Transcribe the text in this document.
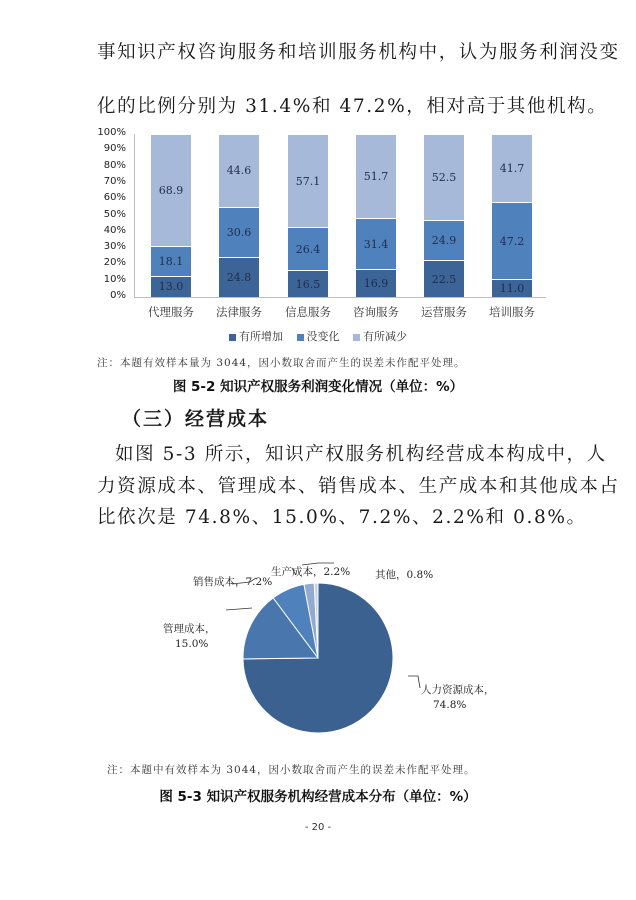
事知识产权咨询服务和培训服务机构中，认为服务利润没变
化的比例分别为 31.4%和 47.2%，相对高于其他机构。
100%
90%
80%
70%
60%
50%
40%
30%
20%
10%
0%
13.0
18.1
68.9
24.8
30.6
44.6
16.5
26.4
57.1
16.9
31.4
51.7
22.5
24.9
52.5
11.0
47.2
41.7
代理服务	法律服务	信息服务	咨询服务	运营服务	培训服务
有所增加 没变化 有所减少
注：本题有效样本量为 3044，因小数取舍而产生的误差未作配平处理。
图 5-2 知识产权服务利润变化情况（单位：%）
（三）经营成本
如图 5-3 所示，知识产权服务机构经营成本构成中，人
力资源成本、管理成本、销售成本、生产成本和其他成本占
比依次是 74.8%、15.0%、7.2%、2.2%和 0.8%。
销售成本，7.2%
生产成本，2.2% 其他，0.8%
管理成本，
15.0%
人力资源成本，
74.8%
注：本题中有效样本为 3044，因小数取舍而产生的误差未作配平处理。
图 5-3 知识产权服务机构经营成本分布（单位：%）
- 20 -
